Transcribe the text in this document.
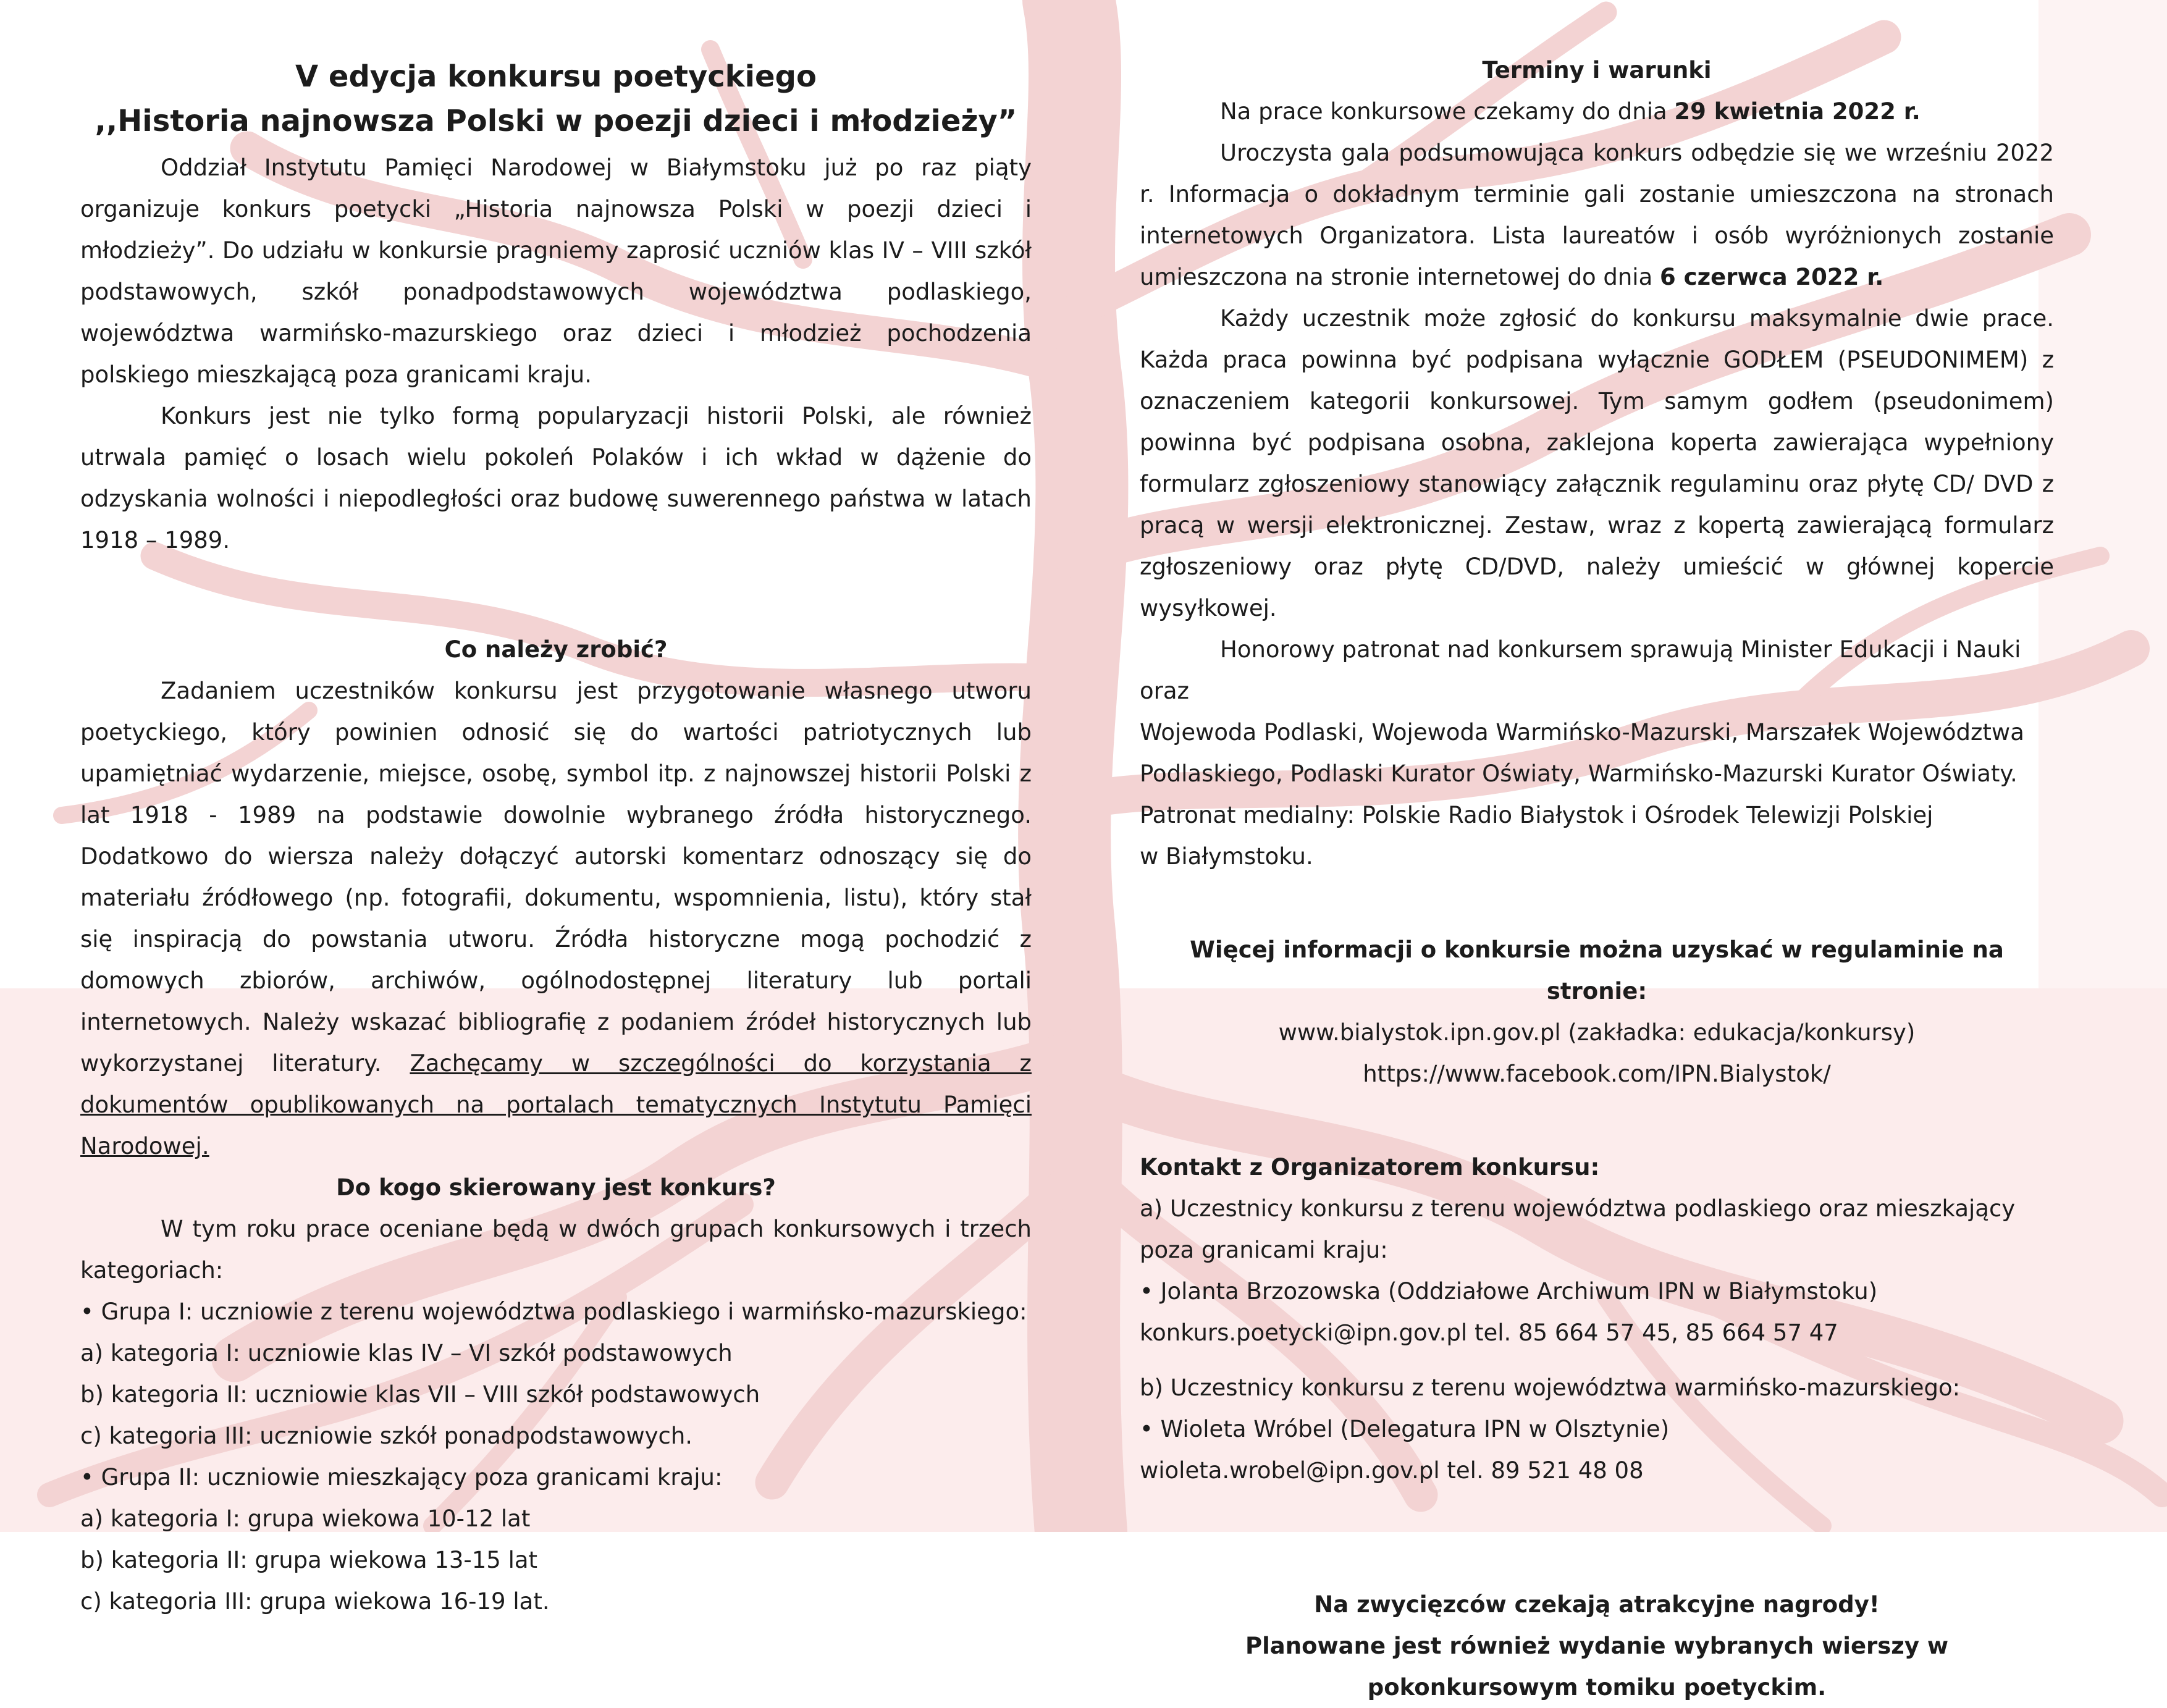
V edycja konkursu poetyckiego

,,Historia najnowsza Polski w poezji dzieci i młodzieży”

Oddział Instytutu Pamięci Narodowej w Białymstoku już po raz piąty organizuje konkurs poetycki „Historia najnowsza Polski w poezji dzieci i młodzieży”. Do udziału w konkursie pragniemy zaprosić uczniów klas IV – VIII szkół podstawowych, szkół ponadpodstawowych województwa podlaskiego, województwa warmińsko-mazurskiego oraz dzieci i młodzież pochodzenia polskiego mieszkającą poza granicami kraju.

Konkurs jest nie tylko formą popularyzacji historii Polski, ale również utrwala pamięć o losach wielu pokoleń Polaków i ich wkład w dążenie do odzyskania wolności i niepodległości oraz budowę suwerennego państwa w latach 1918 – 1989.

Co należy zrobić?

Zadaniem uczestników konkursu jest przygotowanie własnego utworu poetyckiego, który powinien odnosić się do wartości patriotycznych lub upamiętniać wydarzenie, miejsce, osobę, symbol itp. z najnowszej historii Polski z lat 1918 - 1989 na podstawie dowolnie wybranego źródła historycznego. Dodatkowo do wiersza należy dołączyć autorski komentarz odnoszący się do materiału źródłowego (np. fotografii, dokumentu, wspomnienia, listu), który stał się inspiracją do powstania utworu. Źródła historyczne mogą pochodzić z domowych zbiorów, archiwów, ogólnodostępnej literatury lub portali internetowych. Należy wskazać bibliografię z podaniem źródeł historycznych lub wykorzystanej literatury. Zachęcamy w szczególności do korzystania z dokumentów opublikowanych na portalach tematycznych Instytutu Pamięci Narodowej.

Do kogo skierowany jest konkurs?

W tym roku prace oceniane będą w dwóch grupach konkursowych i trzech kategoriach:

• Grupa I: uczniowie z terenu województwa podlaskiego i warmińsko-mazurskiego:

a) kategoria I: uczniowie klas IV – VI szkół podstawowych

b) kategoria II: uczniowie klas VII – VIII szkół podstawowych

c) kategoria III: uczniowie szkół ponadpodstawowych.

• Grupa II: uczniowie mieszkający poza granicami kraju:

a) kategoria I: grupa wiekowa 10-12 lat

b) kategoria II: grupa wiekowa 13-15 lat

c) kategoria III: grupa wiekowa 16-19 lat.

Terminy i warunki

Na prace konkursowe czekamy do dnia 29 kwietnia 2022 r.

Uroczysta gala podsumowująca konkurs odbędzie się we wrześniu 2022 r. Informacja o dokładnym terminie gali zostanie umieszczona na stronach internetowych Organizatora. Lista laureatów i osób wyróżnionych zostanie umieszczona na stronie internetowej do dnia 6 czerwca 2022 r.

Każdy uczestnik może zgłosić do konkursu maksymalnie dwie prace. Każda praca powinna być podpisana wyłącznie GODŁEM (PSEUDONIMEM) z oznaczeniem kategorii konkursowej. Tym samym godłem (pseudonimem) powinna być podpisana osobna, zaklejona koperta zawierająca wypełniony formularz zgłoszeniowy stanowiący załącznik regulaminu oraz płytę CD/ DVD z pracą w wersji elektronicznej. Zestaw, wraz z kopertą zawierającą formularz zgłoszeniowy oraz płytę CD/DVD, należy umieścić w głównej kopercie wysyłkowej.

Honorowy patronat nad konkursem sprawują Minister Edukacji i Nauki oraz

Wojewoda Podlaski, Wojewoda Warmińsko-Mazurski, Marszałek Województwa

Podlaskiego, Podlaski Kurator Oświaty, Warmińsko-Mazurski Kurator Oświaty.

Patronat medialny: Polskie Radio Białystok i Ośrodek Telewizji Polskiej

w Białymstoku.

Więcej informacji o konkursie można uzyskać w regulaminie na stronie:

www.bialystok.ipn.gov.pl (zakładka: edukacja/konkursy)

https://www.facebook.com/IPN.Bialystok/

Kontakt z Organizatorem konkursu:

a) Uczestnicy konkursu z terenu województwa podlaskiego oraz mieszkający poza granicami kraju:

• Jolanta Brzozowska (Oddziałowe Archiwum IPN w Białymstoku)

konkurs.poetycki@ipn.gov.pl tel. 85 664 57 45, 85 664 57 47

b) Uczestnicy konkursu z terenu województwa warmińsko-mazurskiego:

• Wioleta Wróbel (Delegatura IPN w Olsztynie)

wioleta.wrobel@ipn.gov.pl tel. 89 521 48 08

Na zwycięzców czekają atrakcyjne nagrody!

Planowane jest również wydanie wybranych wierszy w pokonkursowym tomiku poetyckim.
